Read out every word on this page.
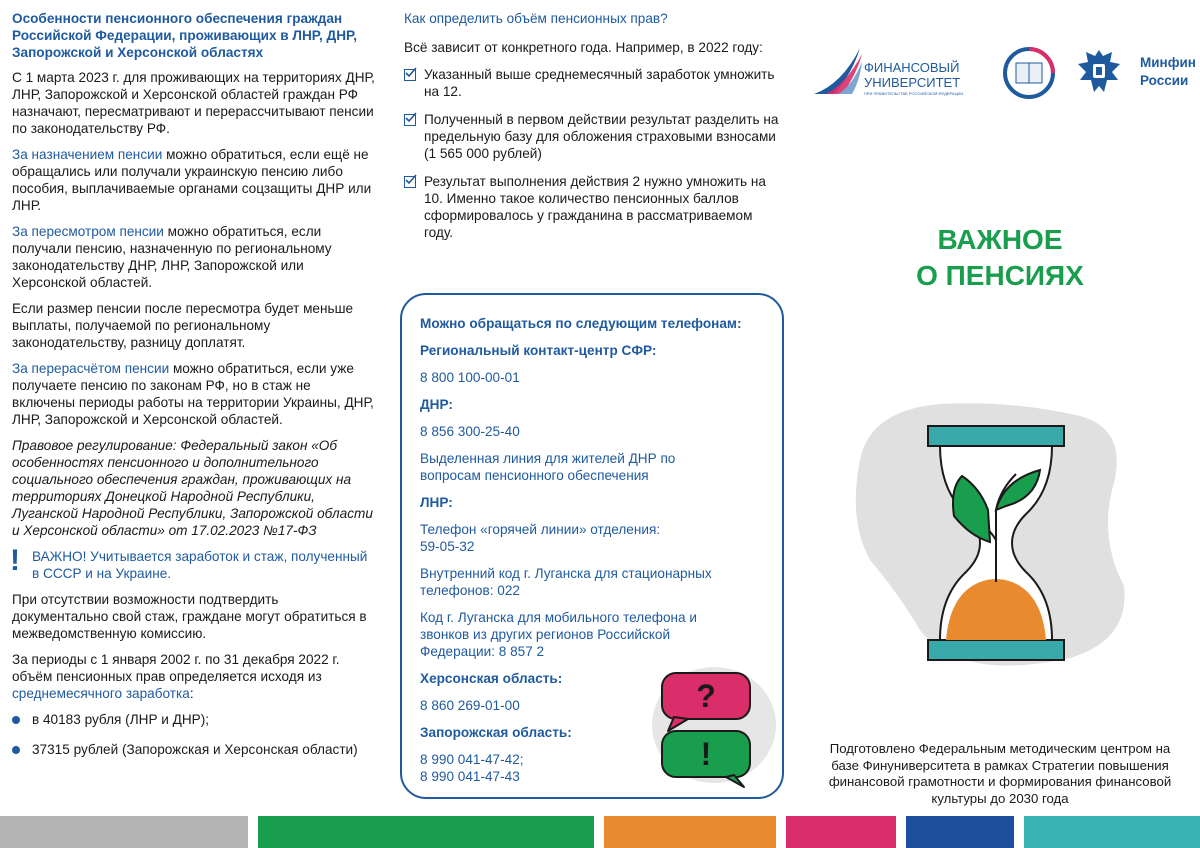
Особенности пенсионного обеспечения граждан Российской Федерации, проживающих в ЛНР, ДНР, Запорожской и Херсонской областях

С 1 марта 2023 г. для проживающих на территориях ДНР, ЛНР, Запорожской и Херсонской областей граждан РФ назначают, пересматривают и перерассчитывают пенсии по законодательству РФ.

За назначением пенсии можно обратиться, если ещё не обращались или получали украинскую пенсию либо пособия, выплачиваемые органами соцзащиты ДНР или ЛНР.

За пересмотром пенсии можно обратиться, если получали пенсию, назначенную по региональному законодательству ДНР, ЛНР, Запорожской или Херсонской областей.

Если размер пенсии после пересмотра будет меньше выплаты, получаемой по региональному законодательству, разницу доплатят.

За перерасчётом пенсии можно обратиться, если уже получаете пенсию по законам РФ, но в стаж не включены периоды работы на территории Украины, ДНР, ЛНР, Запорожской и Херсонской областей.

Правовое регулирование: Федеральный закон «Об особенностях пенсионного и дополнительного социального обеспечения граждан, проживающих на территориях Донецкой Народной Республики, Луганской Народной Республики, Запорожской области и Херсонской области» от 17.02.2023 №17-ФЗ

! ВАЖНО! Учитывается заработок и стаж, полученный в СССР и на Украине.

При отсутствии возможности подтвердить документально свой стаж, граждане могут обратиться в межведомственную комиссию.

За периоды с 1 января 2002 г. по 31 декабря 2022 г. объём пенсионных прав определяется исходя из среднемесячного заработка:

в 40183 рубля (ЛНР и ДНР);
37315 рублей (Запорожская и Херсонская области)
Как определить объём пенсионных прав?

Всё зависит от конкретного года. Например, в 2022 году:

Указанный выше среднемесячный заработок умножить на 12.
Полученный в первом действии результат разделить на предельную базу для обложения страховыми взносами (1 565 000 рублей)
Результат выполнения действия 2 нужно умножить на 10. Именно такое количество пенсионных баллов сформировалось у гражданина в рассматриваемом году.
Можно обращаться по следующим телефонам:
Региональный контакт-центр СФР:
8 800 100-00-01
ДНР:
8 856 300-25-40
Выделенная линия для жителей ДНР по вопросам пенсионного обеспечения
ЛНР:
Телефон «горячей линии» отделения: 59-05-32
Внутренний код г. Луганска для стационарных телефонов: 022
Код г. Луганска для мобильного телефона и звонков из других регионов Российской Федерации: 8 857 2
Херсонская область:
8 860 269-01-00
Запорожская область:
8 990 041-47-42;
8 990 041-47-43
?
!
ФИНАНСОВЫЙ
УНИВЕРСИТЕТ
ПРИ ПРАВИТЕЛЬСТВЕ РОССИЙСКОЙ ФЕДЕРАЦИИ
Минфин
России
ВАЖНОЕ
О ПЕНСИЯХ
Подготовлено Федеральным методическим центром на базе Финуниверситета в рамках Стратегии повышения финансовой грамотности и формирования финансовой культуры до 2030 года
